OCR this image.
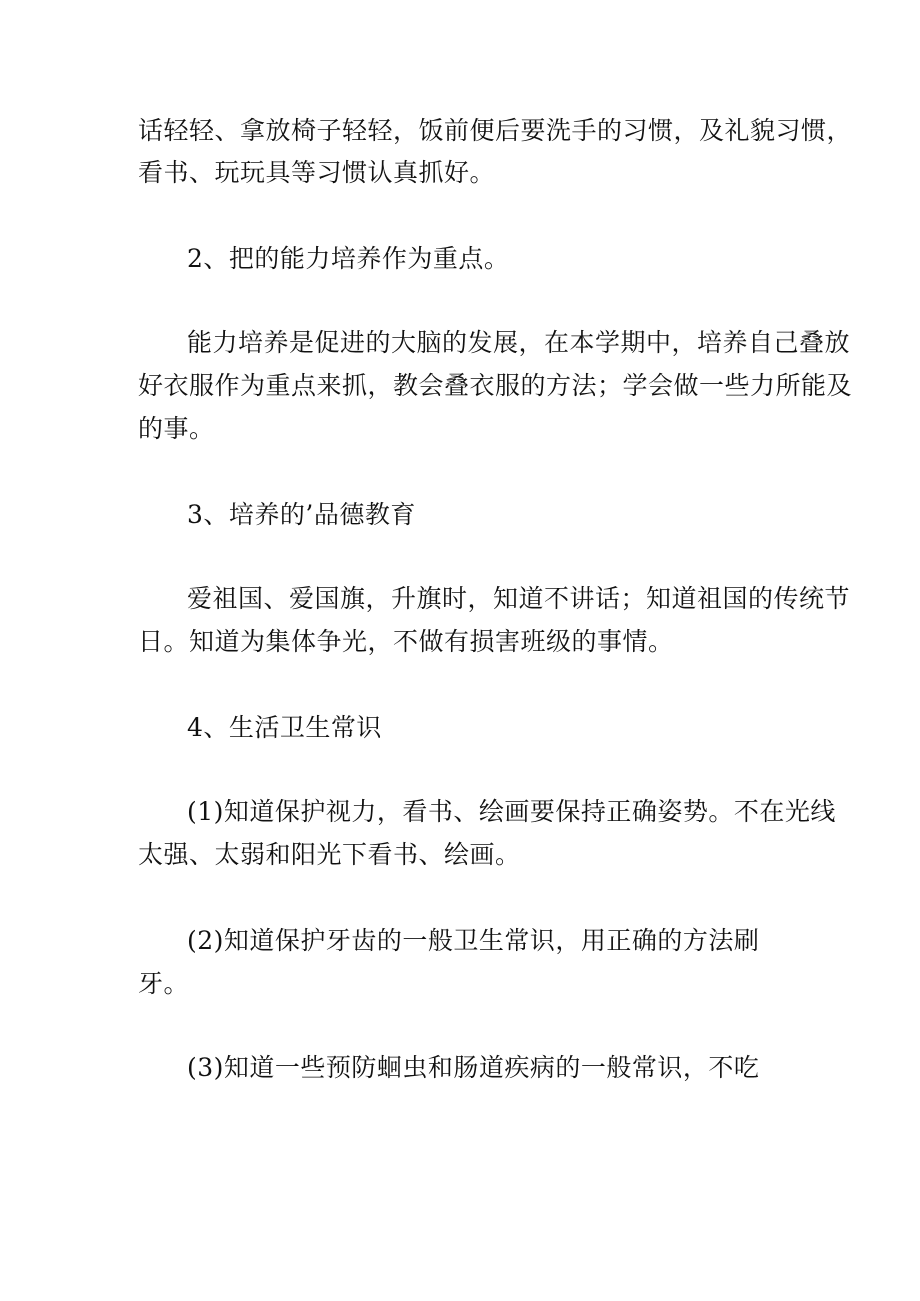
话轻轻、拿放椅子轻轻，饭前便后要洗手的习惯，及礼貌习惯，
看书、玩玩具等习惯认真抓好。
2、把的能力培养作为重点。
能力培养是促进的大脑的发展，在本学期中，培养自己叠放
好衣服作为重点来抓，教会叠衣服的方法；学会做一些力所能及
的事。
3、培养的’品德教育
爱祖国、爱国旗，升旗时，知道不讲话；知道祖国的传统节
日。知道为集体争光，不做有损害班级的事情。
4、生活卫生常识
(1)知道保护视力，看书、绘画要保持正确姿势。不在光线
太强、太弱和阳光下看书、绘画。
(2)知道保护牙齿的一般卫生常识，用正确的方法刷
牙。
(3)知道一些预防蛔虫和肠道疾病的一般常识，不吃
